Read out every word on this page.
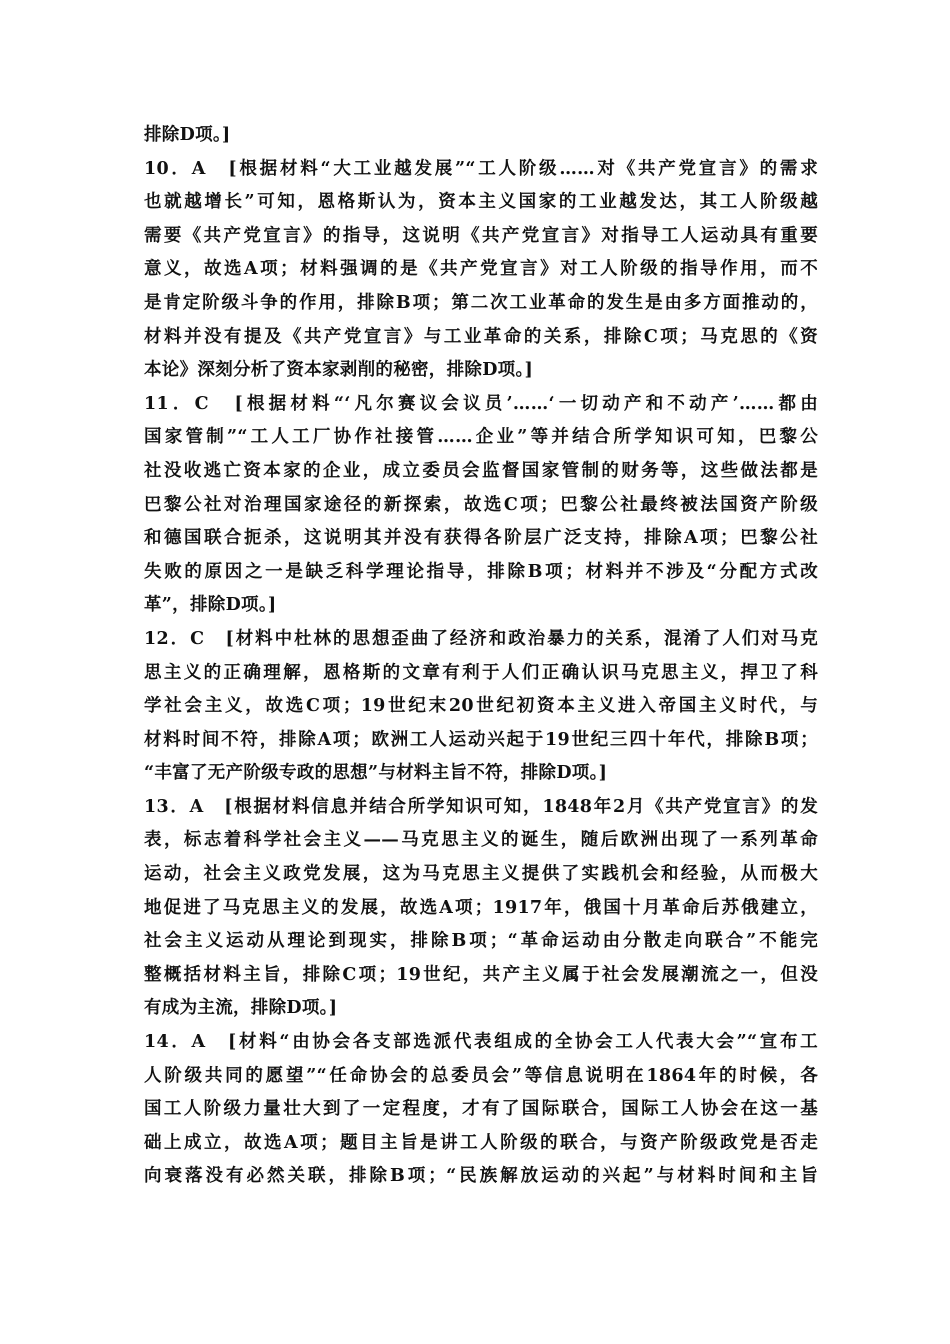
排除D项。]
10．A　[根据材料“大工业越发展”“工人阶级……对《共产党宣言》的需求
也就越增长”可知，恩格斯认为，资本主义国家的工业越发达，其工人阶级越
需要《共产党宣言》的指导，这说明《共产党宣言》对指导工人运动具有重要
意义，故选A项；材料强调的是《共产党宣言》对工人阶级的指导作用，而不
是肯定阶级斗争的作用，排除B项；第二次工业革命的发生是由多方面推动的，
材料并没有提及《共产党宣言》与工业革命的关系，排除C项；马克思的《资
本论》深刻分析了资本家剥削的秘密，排除D项。]
11．C　[根据材料“‘凡尔赛议会议员’……‘一切动产和不动产’……都由
国家管制”“工人工厂协作社接管……企业”等并结合所学知识可知，巴黎公
社没收逃亡资本家的企业，成立委员会监督国家管制的财务等，这些做法都是
巴黎公社对治理国家途径的新探索，故选C项；巴黎公社最终被法国资产阶级
和德国联合扼杀，这说明其并没有获得各阶层广泛支持，排除A项；巴黎公社
失败的原因之一是缺乏科学理论指导，排除B项；材料并不涉及“分配方式改
革”，排除D项。]
12．C　[材料中杜林的思想歪曲了经济和政治暴力的关系，混淆了人们对马克
思主义的正确理解，恩格斯的文章有利于人们正确认识马克思主义，捍卫了科
学社会主义，故选C项；19世纪末20世纪初资本主义进入帝国主义时代，与
材料时间不符，排除A项；欧洲工人运动兴起于19世纪三四十年代，排除B项；
“丰富了无产阶级专政的思想”与材料主旨不符，排除D项。]
13．A　[根据材料信息并结合所学知识可知，1848年2月《共产党宣言》的发
表，标志着科学社会主义——马克思主义的诞生，随后欧洲出现了一系列革命
运动，社会主义政党发展，这为马克思主义提供了实践机会和经验，从而极大
地促进了马克思主义的发展，故选A项；1917年，俄国十月革命后苏俄建立，
社会主义运动从理论到现实，排除B项；“革命运动由分散走向联合”不能完
整概括材料主旨，排除C项；19世纪，共产主义属于社会发展潮流之一，但没
有成为主流，排除D项。]
14．A　[材料“由协会各支部选派代表组成的全协会工人代表大会”“宣布工
人阶级共同的愿望”“任命协会的总委员会”等信息说明在1864年的时候，各
国工人阶级力量壮大到了一定程度，才有了国际联合，国际工人协会在这一基
础上成立，故选A项；题目主旨是讲工人阶级的联合，与资产阶级政党是否走
向衰落没有必然关联，排除B项；“民族解放运动的兴起”与材料时间和主旨
